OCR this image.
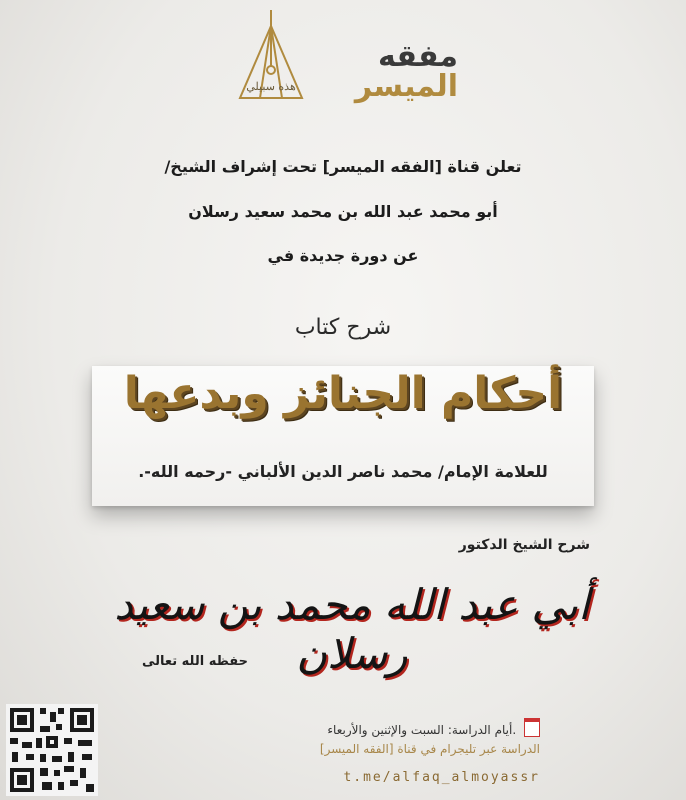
هذه سبيلي
مفقه
الميسر
تعلن قناة [الفقه الميسر] تحت إشراف الشيخ/
أبو محمد عبد الله بن محمد سعيد رسلان
عن دورة جديدة في
شرح كتاب
أحكام الجنائز وبدعها
للعلامة الإمام/ محمد ناصر الدين الألباني -رحمه الله-.
شرح الشيخ الدكتور
أبي عبد الله محمد بن سعيد رسلان
حفظه الله تعالى
أيام الدراسة: السبت والإثنين والأربعاء.
الدراسة عبر تليجرام في قناة [الفقه الميسر]
t.me/alfaq_almoyassr
